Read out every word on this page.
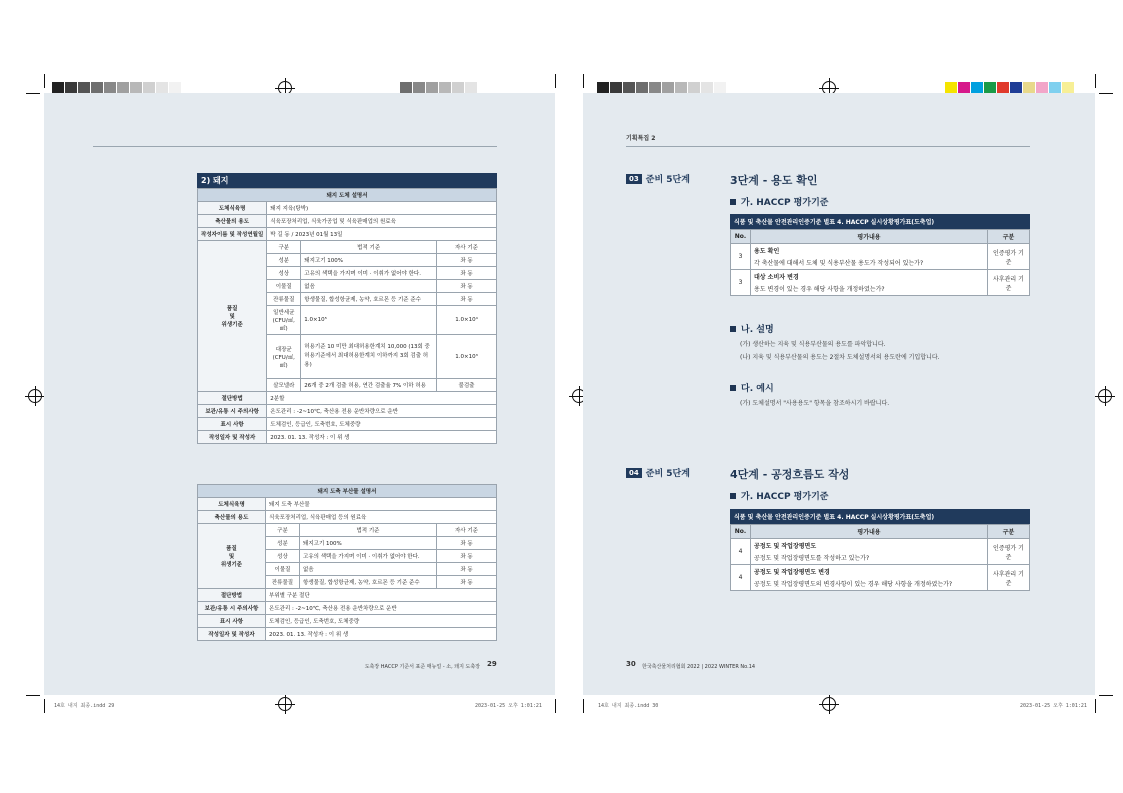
2) 돼지
돼지 도체 설명서			
도체식육명	돼지 지육(탕박)		
축산물의 용도	식육포장처리업, 식육가공업 및 식육판매업의 원료육		
작성자이름 및 작성연월일	박 길 동 / 2023년 01월 13일		
품질
및
위생기준	구분	법적 기준	자사 기준
	성분	돼지고기 100%	좌 동
	성상	고유의 색택을 가지며 이미 · 이취가 없어야 한다.	좌 동
	이물질	없음	좌 동
	잔류물질	항생물질, 합성항균제, 농약, 호르몬 등 기준 준수	좌 동
	일반세균 (CFU/㎠,㎖)	1.0×10⁵	1.0×10⁴
	대장균 (CFU/㎠,㎖)	허용기준 10 미만 최대허용한계치 10,000 (13회 중 허용기준에서 최대허용한계치 이하까지 3회 검출 허용)	1.0×10³
	살모넬라	26개 중 2개 검출 허용, 연간 검출율 7% 이하 허용	불검출
절단방법	2분할		
보관/유통 시 주의사항	온도관리 : -2~10℃, 축산용 전용 운반차량으로 운반		
표시 사항	도체검인, 등급인, 도축번호, 도체중량		
작성일자 및 작성자	2023. 01. 13. 작성자 : 이 위 생		
돼지 도축 부산물 설명서			
도체식육명	돼지 도축 부산물		
축산물의 용도	식육포장처리업, 식육판매업 등의 원료육		
품질
및
위생기준	구분	법적 기준	자사 기준
	성분	돼지고기 100%	좌 동
	성상	고유의 색택을 가지며 이미 · 이취가 없어야 한다.	좌 동
	이물질	없음	좌 동
	잔류물질	항생물질, 합성항균제, 농약, 호르몬 등 기준 준수	좌 동
절단방법	부위별 구분 절단		
보관/유통 시 주의사항	온도관리 : -2~10℃, 축산용 전용 운반차량으로 운반		
표시 사항	도체검인, 등급인, 도축번호, 도체중량		
작성일자 및 작성자	2023. 01. 13. 작성자 : 이 위 생		
도축장 HACCP 기준서 표준 매뉴얼 - 소, 돼지 도축장 29
14호 내지 최종.indd 29	2023-01-25 오후 1:01:21
기획특집 2
03 준비 5단계	3단계 - 용도 확인
가. HACCP 평가기준
식품 및 축산물 안전관리인증기준 별표 4. HACCP 실시상황평가표(도축업)
No.	평가내용	구분
3	용도 확인
각 축산물에 대해서 도체 및 식용부산물 용도가 작성되어 있는가?	인증평가 기준
3	대상 소비자 변경
용도 변경이 있는 경우 해당 사항을 개정하였는가?	사후관리 기준
나. 설명
(가) 생산하는 지육 및 식용부산물의 용도를 파악합니다.
(나) 지육 및 식용부산물의 용도는 2절차 도체설명서의 용도란에 기입합니다.
다. 예시
(가) 도체설명서 "사용용도" 항목을 참조하시기 바랍니다.
04 준비 5단계	4단계 - 공정흐름도 작성
가. HACCP 평가기준
식품 및 축산물 안전관리인증기준 별표 4. HACCP 실시상황평가표(도축업)
No.	평가내용	구분
4	공정도 및 작업장평면도
공정도 및 작업장평면도를 작성하고 있는가?	인증평가 기준
4	공정도 및 작업장평면도 변경
공정도 및 작업장평면도의 변경사항이 있는 경우 해당 사항을 개정하였는가?	사후관리 기준
30 한국축산물처리협회 2022 | 2022 WINTER No.14
14호 내지 최종.indd 30	2023-01-25 오후 1:01:21
